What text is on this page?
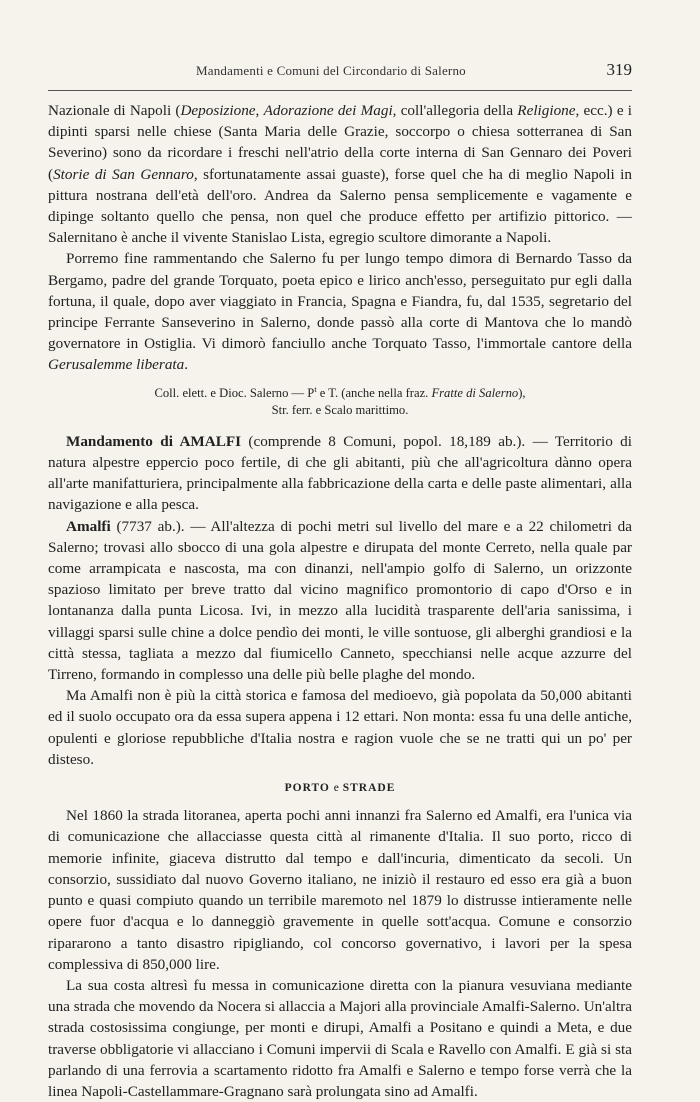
Mandamenti e Comuni del Circondario di Salerno	319

Nazionale di Napoli (Deposizione, Adorazione dei Magi, coll'allegoria della Religione, ecc.) e i dipinti sparsi nelle chiese (Santa Maria delle Grazie, soccorpo o chiesa sotterranea di San Severino) sono da ricordare i freschi nell'atrio della corte interna di San Gennaro dei Poveri (Storie di San Gennaro, sfortunatamente assai guaste), forse quel che ha di meglio Napoli in pittura nostrana dell'età dell'oro. Andrea da Salerno pensa semplicemente e vagamente e dipinge soltanto quello che pensa, non quel che produce effetto per artifizio pittorico. — Salernitano è anche il vivente Stanislao Lista, egregio scultore dimorante a Napoli.

Porremo fine rammentando che Salerno fu per lungo tempo dimora di Bernardo Tasso da Bergamo, padre del grande Torquato, poeta epico e lirico anch'esso, perseguitato pur egli dalla fortuna, il quale, dopo aver viaggiato in Francia, Spagna e Fiandra, fu, dal 1535, segretario del principe Ferrante Sanseverino in Salerno, donde passò alla corte di Mantova che lo mandò governatore in Ostiglia. Vi dimorò fanciullo anche Torquato Tasso, l'immortale cantore della Gerusalemme liberata.

Coll. elett. e Dioc. Salerno — $P^t$ e T. (anche nella fraz. Fratte di Salerno),
Str. ferr. e Scalo marittimo.

Mandamento di AMALFI (comprende 8 Comuni, popol. 18,189 ab.). — Territorio di natura alpestre eppercio poco fertile, di che gli abitanti, più che all'agricoltura dànno opera all'arte manifatturiera, principalmente alla fabbricazione della carta e delle paste alimentari, alla navigazione e alla pesca.

Amalfi (7737 ab.). — All'altezza di pochi metri sul livello del mare e a 22 chilometri da Salerno; trovasi allo sbocco di una gola alpestre e dirupata del monte Cerreto, nella quale par come arrampicata e nascosta, ma con dinanzi, nell'ampio golfo di Salerno, un orizzonte spazioso limitato per breve tratto dal vicino magnifico promontorio di capo d'Orso e in lontananza dalla punta Licosa. Ivi, in mezzo alla lucidità trasparente dell'aria sanissima, i villaggi sparsi sulle chine a dolce pendìo dei monti, le ville sontuose, gli alberghi grandiosi e la città stessa, tagliata a mezzo dal fiumicello Canneto, specchiansi nelle acque azzurre del Tirreno, formando in complesso una delle più belle plaghe del mondo.

Ma Amalfi non è più la città storica e famosa del medioevo, già popolata da 50,000 abitanti ed il suolo occupato ora da essa supera appena i 12 ettari. Non monta: essa fu una delle antiche, opulenti e gloriose repubbliche d'Italia nostra e ragion vuole che se ne tratti qui un po' per disteso.

PORTO e STRADE

Nel 1860 la strada litoranea, aperta pochi anni innanzi fra Salerno ed Amalfi, era l'unica via di comunicazione che allacciasse questa città al rimanente d'Italia. Il suo porto, ricco di memorie infinite, giaceva distrutto dal tempo e dall'incuria, dimenticato da secoli. Un consorzio, sussidiato dal nuovo Governo italiano, ne iniziò il restauro ed esso era già a buon punto e quasi compiuto quando un terribile maremoto nel 1879 lo distrusse intieramente nelle opere fuor d'acqua e lo danneggiò gravemente in quelle sott'acqua. Comune e consorzio ripararono a tanto disastro ripigliando, col concorso governativo, i lavori per la spesa complessiva di 850,000 lire.

La sua costa altresì fu messa in comunicazione diretta con la pianura vesuviana mediante una strada che movendo da Nocera si allaccia a Majori alla provinciale Amalfi-Salerno. Un'altra strada costosissima congiunge, per monti e dirupi, Amalfi a Positano e quindi a Meta, e due traverse obbligatorie vi allacciano i Comuni impervii di Scala e Ravello con Amalfi. E già si sta parlando di una ferrovia a scartamento ridotto fra Amalfi e Salerno e tempo forse verrà che la linea Napoli-Castellammare-Gragnano sarà prolungata sino ad Amalfi.
